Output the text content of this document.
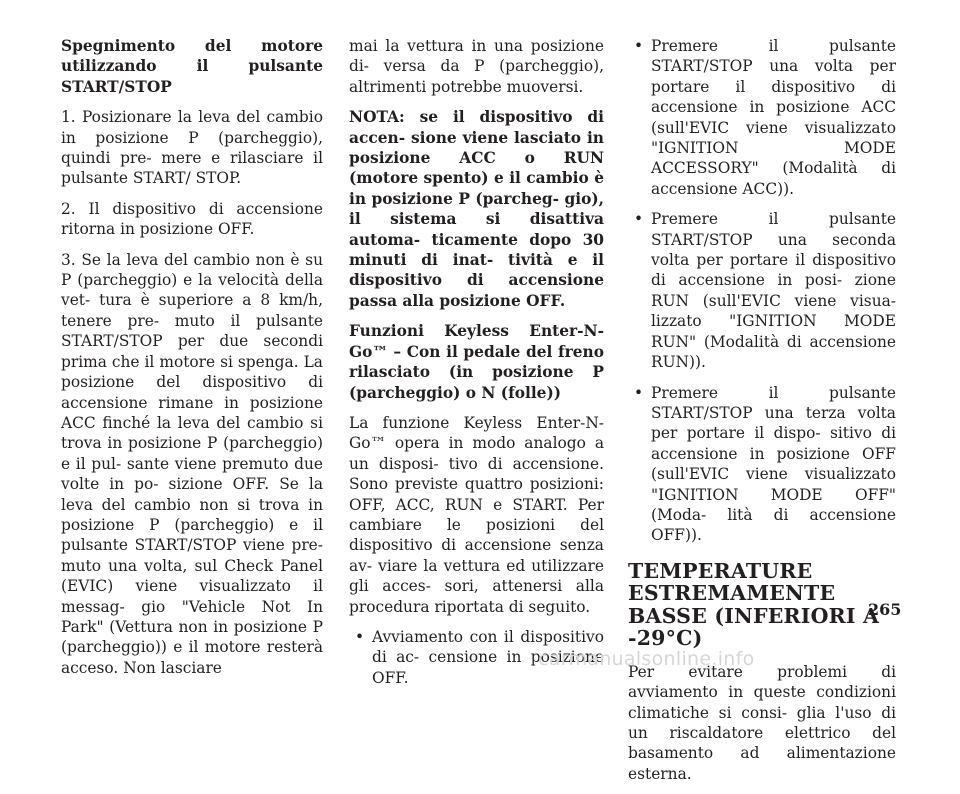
Spegnimento del motore utilizzando il pulsante START/STOP

1. Posizionare la leva del cambio in posizione P (parcheggio), quindi pre- mere e rilasciare il pulsante START/ STOP.

2. Il dispositivo di accensione ritorna in posizione OFF.

3. Se la leva del cambio non è su P (parcheggio) e la velocità della vet- tura è superiore a 8 km/h, tenere pre- muto il pulsante START/STOP per due secondi prima che il motore si spenga. La posizione del dispositivo di accensione rimane in posizione ACC finché la leva del cambio si trova in posizione P (parcheggio) e il pul- sante viene premuto due volte in po- sizione OFF. Se la leva del cambio non si trova in posizione P (parcheggio) e il pulsante START/STOP viene pre- muto una volta, sul Check Panel (EVIC) viene visualizzato il messag- gio "Vehicle Not In Park" (Vettura non in posizione P (parcheggio)) e il motore resterà acceso. Non lasciare

mai la vettura in una posizione di- versa da P (parcheggio), altrimenti potrebbe muoversi.

NOTA: se il dispositivo di accen- sione viene lasciato in posizione ACC o RUN (motore spento) e il cambio è in posizione P (parcheg- gio), il sistema si disattiva automa- ticamente dopo 30 minuti di inat- tività e il dispositivo di accensione passa alla posizione OFF.

Funzioni Keyless Enter-N-Go™ – Con il pedale del freno rilasciato (in posizione P (parcheggio) o N (folle))

La funzione Keyless Enter-N-Go™ opera in modo analogo a un disposi- tivo di accensione. Sono previste quattro posizioni: OFF, ACC, RUN e START. Per cambiare le posizioni del dispositivo di accensione senza av- viare la vettura ed utilizzare gli acces- sori, attenersi alla procedura riportata di seguito.

• Avviamento con il dispositivo di ac- censione in posizione OFF.
• Premere il pulsante START/STOP una volta per portare il dispositivo di accensione in posizione ACC (sull'EVIC viene visualizzato "IGNITION MODE ACCESSORY" (Modalità di accensione ACC)).
• Premere il pulsante START/STOP una seconda volta per portare il dispositivo di accensione in posi- zione RUN (sull'EVIC viene visua- lizzato "IGNITION MODE RUN" (Modalità di accensione RUN)).
• Premere il pulsante START/STOP una terza volta per portare il dispo- sitivo di accensione in posizione OFF (sull'EVIC viene visualizzato "IGNITION MODE OFF" (Moda- lità di accensione OFF)).
TEMPERATURE ESTREMAMENTE BASSE (INFERIORI A -29°C)

Per evitare problemi di avviamento in queste condizioni climatiche si consi- glia l'uso di un riscaldatore elettrico del basamento ad alimentazione esterna.

265
carmanualsonline.info
